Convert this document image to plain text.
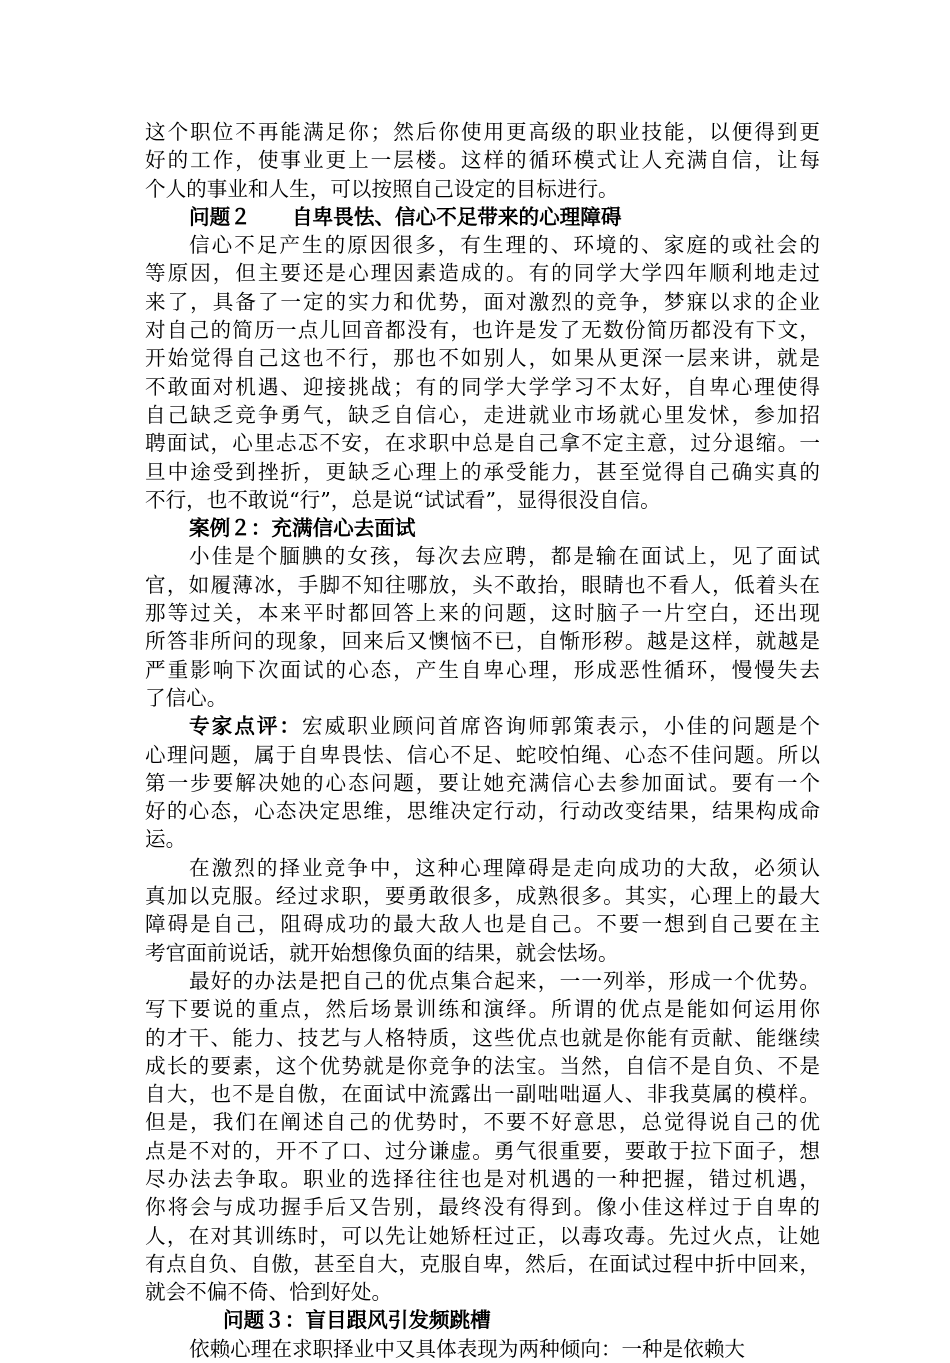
这个职位不再能满足你；然后你使用更高级的职业技能，以便得到更
好的工作，使事业更上一层楼。这样的循环模式让人充满自信，让每
个人的事业和人生，可以按照自己设定的目标进行。
问题２　　自卑畏怯、信心不足带来的心理障碍
信心不足产生的原因很多，有生理的、环境的、家庭的或社会的
等原因，但主要还是心理因素造成的。有的同学大学四年顺利地走过
来了，具备了一定的实力和优势，面对激烈的竞争，梦寐以求的企业
对自己的简历一点儿回音都没有，也许是发了无数份简历都没有下文，
开始觉得自己这也不行，那也不如别人，如果从更深一层来讲，就是
不敢面对机遇、迎接挑战；有的同学大学学习不太好，自卑心理使得
自己缺乏竞争勇气，缺乏自信心，走进就业市场就心里发怵，参加招
聘面试，心里忐忑不安，在求职中总是自己拿不定主意，过分退缩。一
旦中途受到挫折，更缺乏心理上的承受能力，甚至觉得自己确实真的
不行，也不敢说“行”，总是说“试试看”，显得很没自信。
案例２：充满信心去面试
小佳是个腼腆的女孩，每次去应聘，都是输在面试上，见了面试
官，如履薄冰，手脚不知往哪放，头不敢抬，眼睛也不看人，低着头在
那等过关，本来平时都回答上来的问题，这时脑子一片空白，还出现
所答非所问的现象，回来后又懊恼不已，自惭形秽。越是这样，就越是
严重影响下次面试的心态，产生自卑心理，形成恶性循环，慢慢失去
了信心。
专家点评：宏威职业顾问首席咨询师郭策表示，小佳的问题是个
心理问题，属于自卑畏怯、信心不足、蛇咬怕绳、心态不佳问题。所以
第一步要解决她的心态问题，要让她充满信心去参加面试。要有一个
好的心态，心态决定思维，思维决定行动，行动改变结果，结果构成命
运。
在激烈的择业竞争中，这种心理障碍是走向成功的大敌，必须认
真加以克服。经过求职，要勇敢很多，成熟很多。其实，心理上的最大
障碍是自己，阻碍成功的最大敌人也是自己。不要一想到自己要在主
考官面前说话，就开始想像负面的结果，就会怯场。
最好的办法是把自己的优点集合起来，一一列举，形成一个优势。
写下要说的重点，然后场景训练和演绎。所谓的优点是能如何运用你
的才干、能力、技艺与人格特质，这些优点也就是你能有贡献、能继续
成长的要素，这个优势就是你竞争的法宝。当然，自信不是自负、不是
自大，也不是自傲，在面试中流露出一副咄咄逼人、非我莫属的模样。
但是，我们在阐述自己的优势时，不要不好意思，总觉得说自己的优
点是不对的，开不了口、过分谦虚。勇气很重要，要敢于拉下面子，想
尽办法去争取。职业的选择往往也是对机遇的一种把握，错过机遇，
你将会与成功握手后又告别，最终没有得到。像小佳这样过于自卑的
人，在对其训练时，可以先让她矫枉过正，以毒攻毒。先过火点，让她
有点自负、自傲，甚至自大，克服自卑，然后，在面试过程中折中回来，
就会不偏不倚、恰到好处。
问题３：盲目跟风引发频跳槽
依赖心理在求职择业中又具体表现为两种倾向：一种是依赖大
